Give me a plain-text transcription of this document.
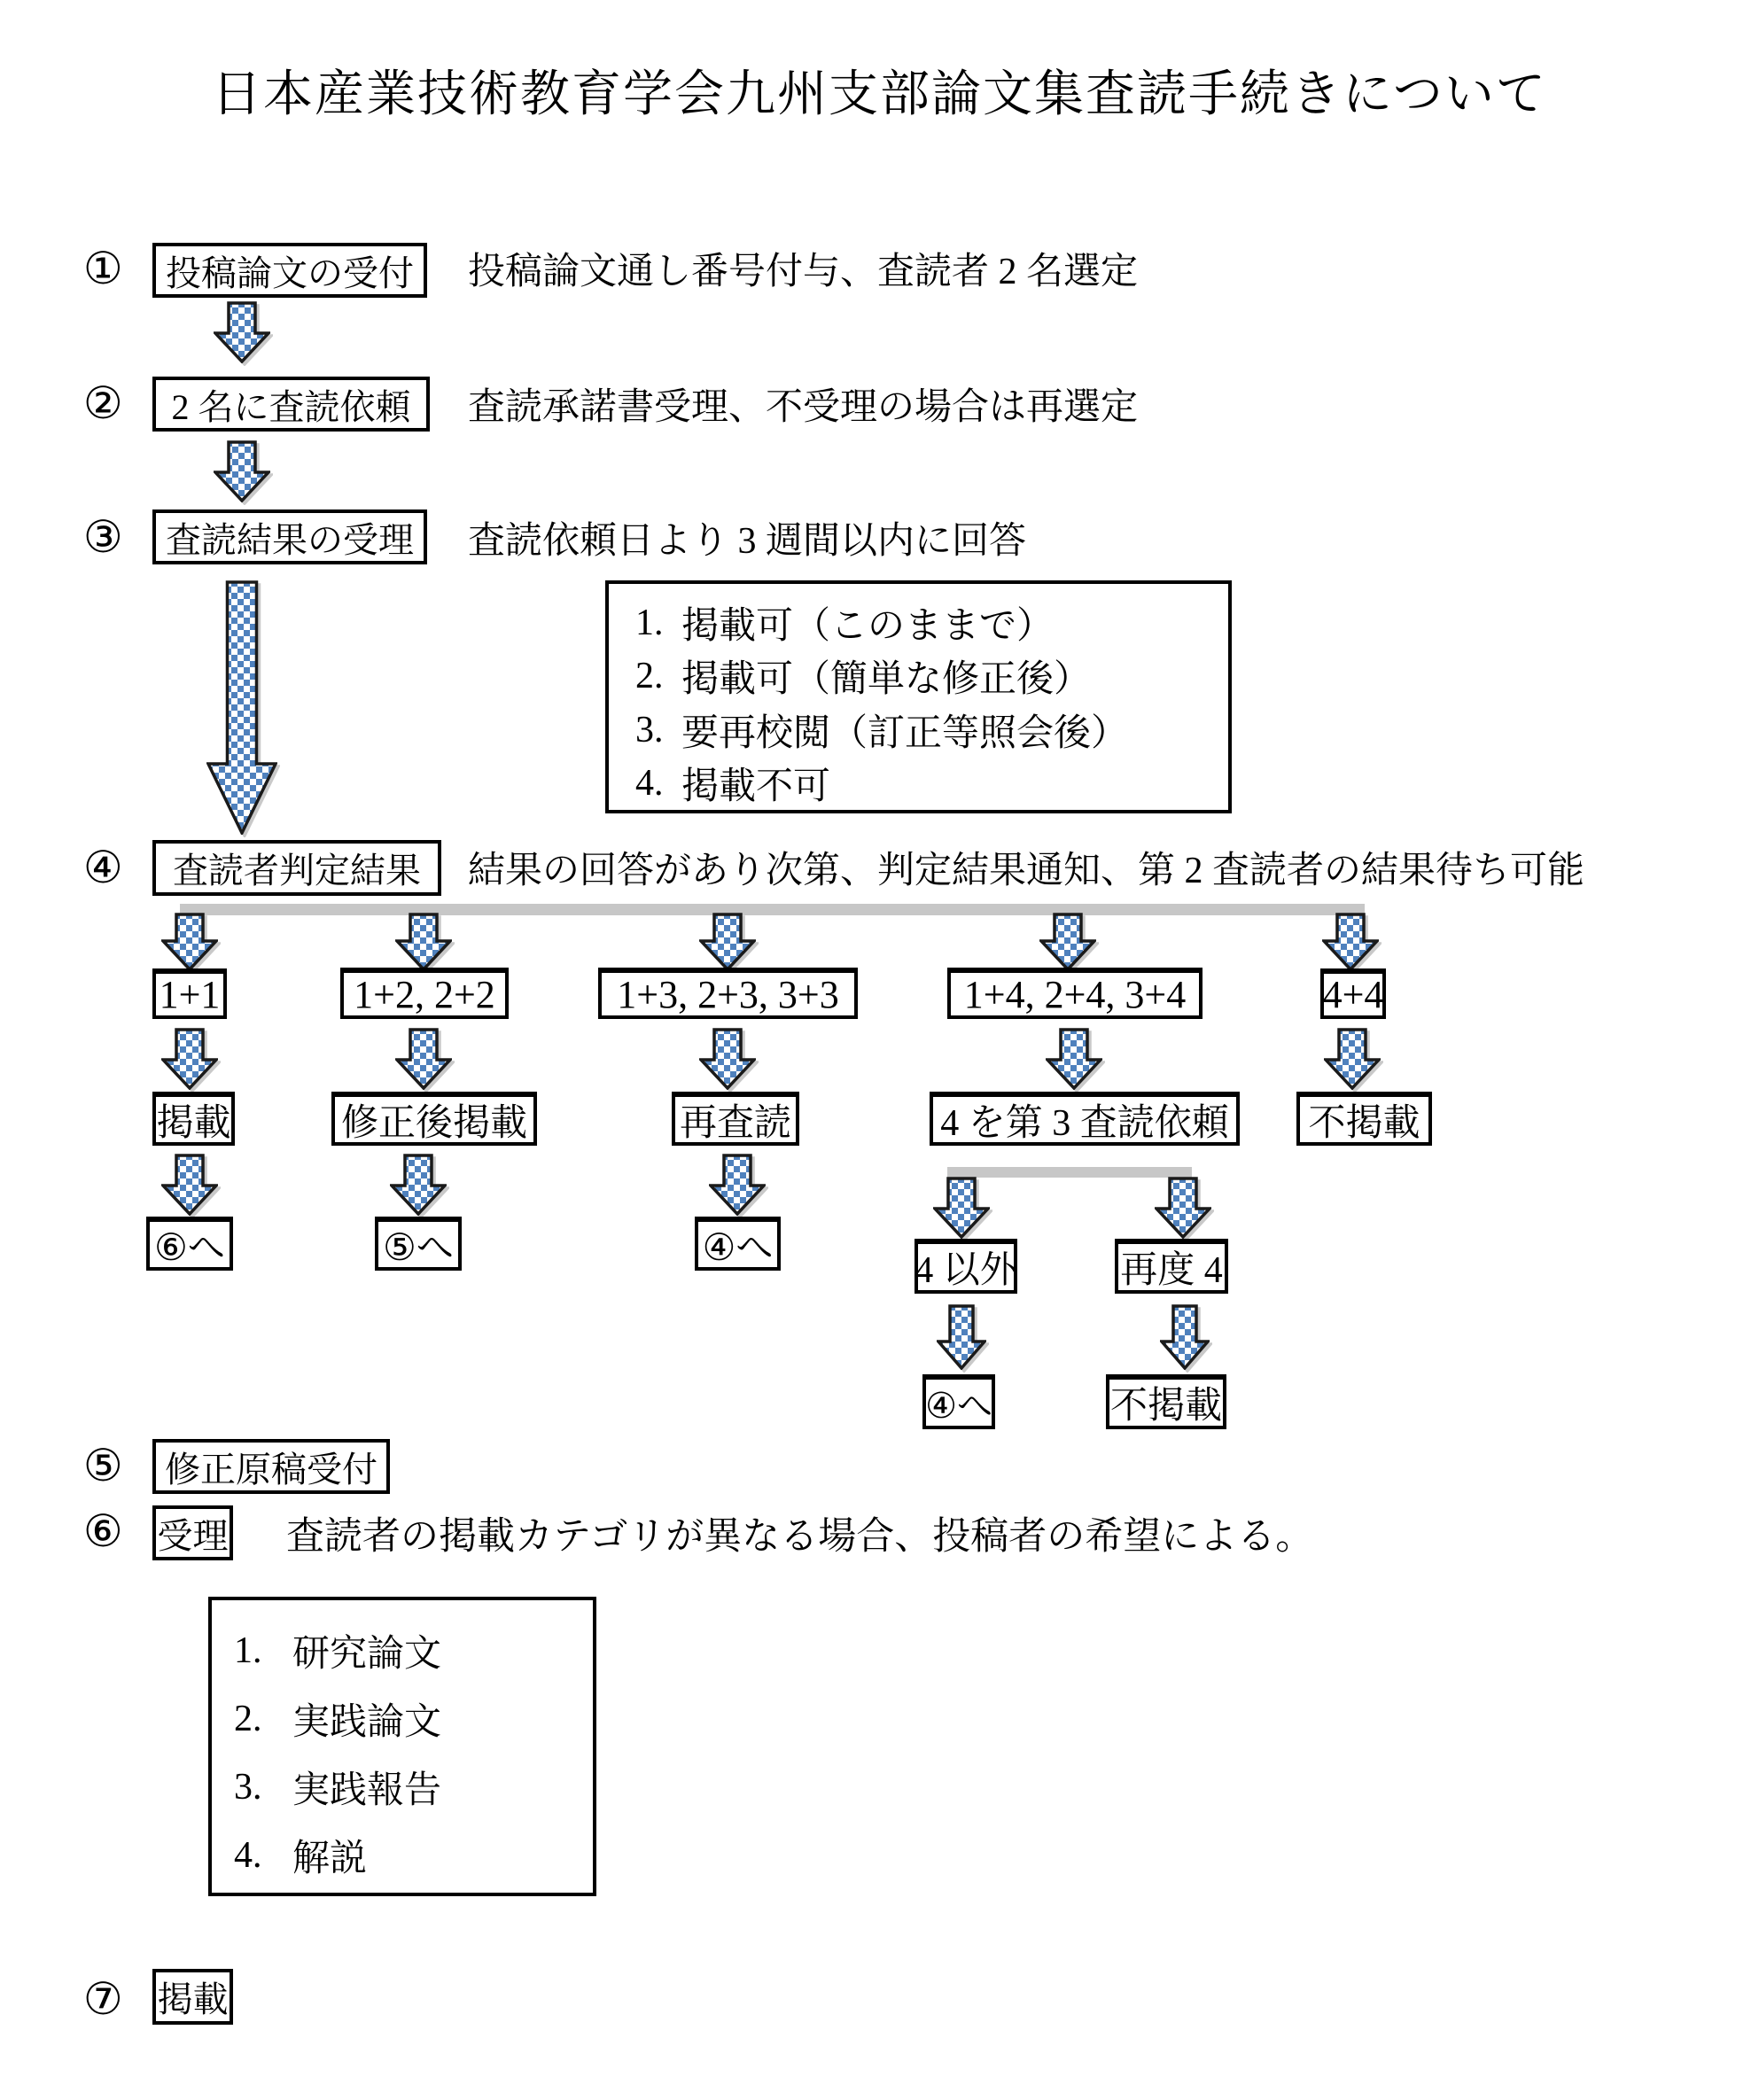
日本産業技術教育学会九州支部論文集査読手続きについて
①	投稿論文の受付	投稿論文通し番号付与、査読者 2 名選定
②	2 名に査読依頼	査読承諾書受理、不受理の場合は再選定
③	査読結果の受理	査読依頼日より 3 週間以内に回答
1. 掲載可（このままで）
2. 掲載可（簡単な修正後）
3. 要再校閲（訂正等照会後）
4. 掲載不可
④	査読者判定結果	結果の回答があり次第、判定結果通知、第 2 査読者の結果待ち可能
1+1	1+2, 2+2	1+3, 2+3, 3+3	1+4, 2+4, 3+4	4+4
掲載	修正後掲載	再査読	4 を第 3 査読依頼	不掲載
⑥へ	⑤へ	④へ
4 以外	再度 4
④へ	不掲載
⑤	修正原稿受付
⑥ 受理 査読者の掲載カテゴリが異なる場合、投稿者の希望による。
1. 研究論文
2. 実践論文
3. 実践報告
4. 解説
⑦ 掲載
